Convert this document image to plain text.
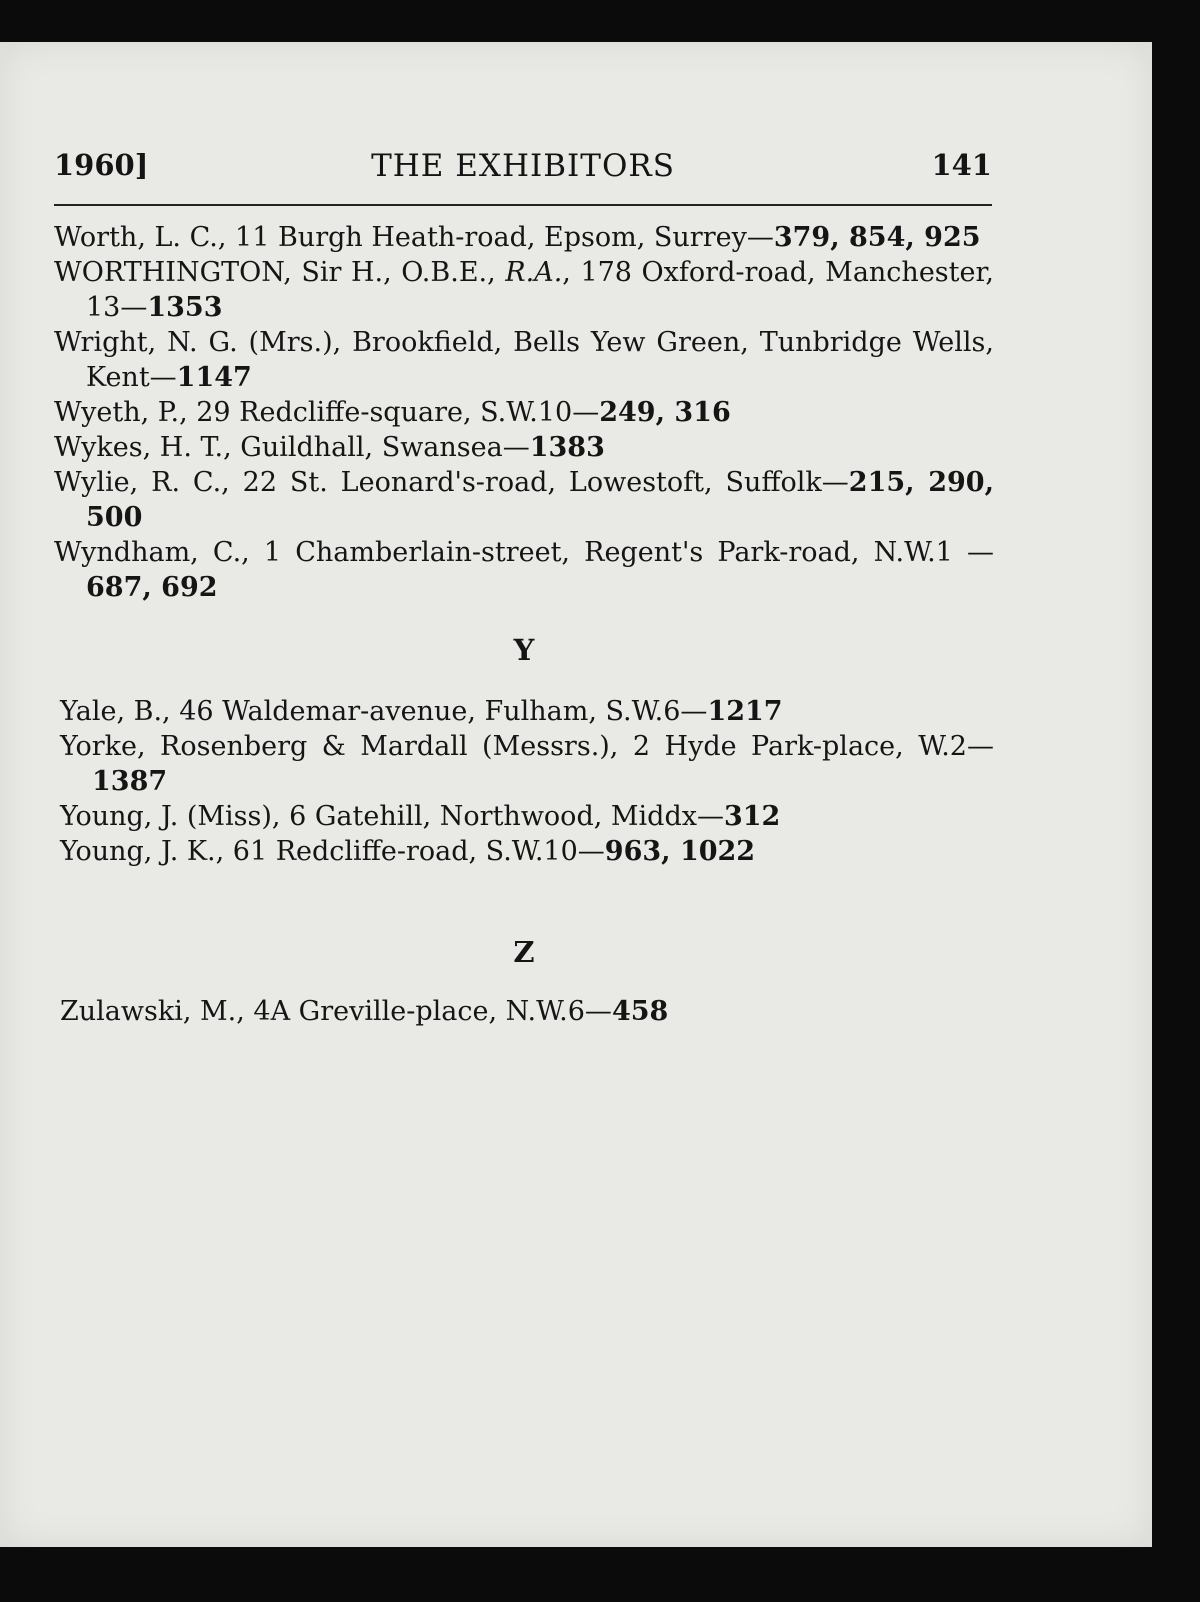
1960]	THE EXHIBITORS	141

Worth, L. C., 11 Burgh Heath-road, Epsom, Surrey—379, 854, 925

WORTHINGTON, Sir H., O.B.E., R.A., 178 Oxford-road, Manchester, 13—1353

Wright, N. G. (Mrs.), Brookfield, Bells Yew Green, Tunbridge Wells, Kent—1147

Wyeth, P., 29 Redcliffe-square, S.W.10—249, 316

Wykes, H. T., Guildhall, Swansea—1383

Wylie, R. C., 22 St. Leonard's-road, Lowestoft, Suffolk—215, 290, 500

Wyndham, C., 1 Chamberlain-street, Regent's Park-road, N.W.1 —687, 692

Y

Yale, B., 46 Waldemar-avenue, Fulham, S.W.6—1217

Yorke, Rosenberg & Mardall (Messrs.), 2 Hyde Park-place, W.2— 1387

Young, J. (Miss), 6 Gatehill, Northwood, Middx—312

Young, J. K., 61 Redcliffe-road, S.W.10—963, 1022

Z

Zulawski, M., 4A Greville-place, N.W.6—458
